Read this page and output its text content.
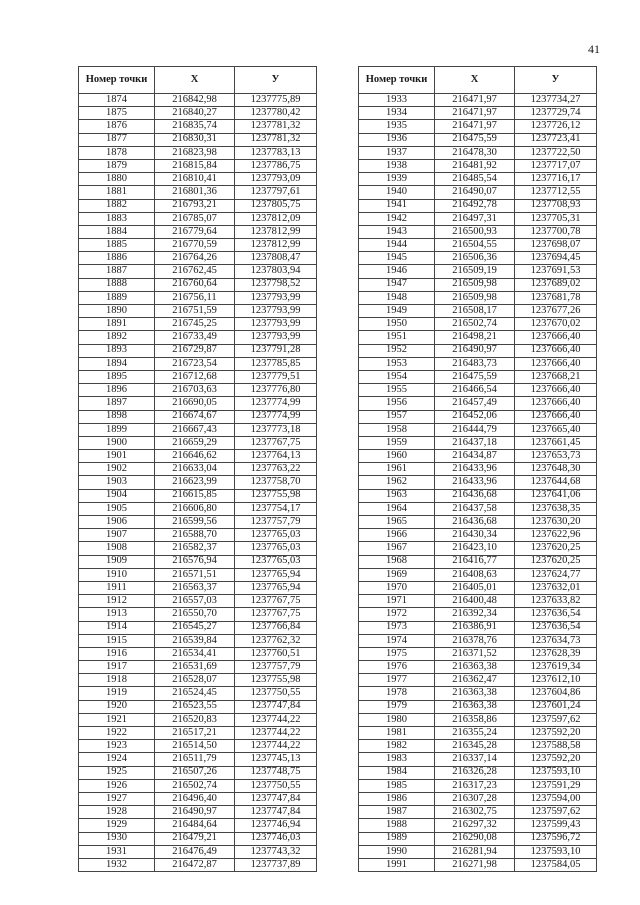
41
Номер точки	X	У
1874	216842,98	1237775,89
1875	216840,27	1237780,42
1876	216835,74	1237781,32
1877	216830,31	1237781,32
1878	216823,98	1237783,13
1879	216815,84	1237786,75
1880	216810,41	1237793,09
1881	216801,36	1237797,61
1882	216793,21	1237805,75
1883	216785,07	1237812,09
1884	216779,64	1237812,99
1885	216770,59	1237812,99
1886	216764,26	1237808,47
1887	216762,45	1237803,94
1888	216760,64	1237798,52
1889	216756,11	1237793,99
1890	216751,59	1237793,99
1891	216745,25	1237793,99
1892	216733,49	1237793,99
1893	216729,87	1237791,28
1894	216723,54	1237785,85
1895	216712,68	1237779,51
1896	216703,63	1237776,80
1897	216690,05	1237774,99
1898	216674,67	1237774,99
1899	216667,43	1237773,18
1900	216659,29	1237767,75
1901	216646,62	1237764,13
1902	216633,04	1237763,22
1903	216623,99	1237758,70
1904	216615,85	1237755,98
1905	216606,80	1237754,17
1906	216599,56	1237757,79
1907	216588,70	1237765,03
1908	216582,37	1237765,03
1909	216576,94	1237765,03
1910	216571,51	1237765,94
1911	216563,37	1237765,94
1912	216557,03	1237767,75
1913	216550,70	1237767,75
1914	216545,27	1237766,84
1915	216539,84	1237762,32
1916	216534,41	1237760,51
1917	216531,69	1237757,79
1918	216528,07	1237755,98
1919	216524,45	1237750,55
1920	216523,55	1237747,84
1921	216520,83	1237744,22
1922	216517,21	1237744,22
1923	216514,50	1237744,22
1924	216511,79	1237745,13
1925	216507,26	1237748,75
1926	216502,74	1237750,55
1927	216496,40	1237747,84
1928	216490,97	1237747,84
1929	216484,64	1237746,94
1930	216479,21	1237746,03
1931	216476,49	1237743,32
1932	216472,87	1237737,89
Номер точки	X	У
1933	216471,97	1237734,27
1934	216471,97	1237729,74
1935	216471,97	1237726,12
1936	216475,59	1237723,41
1937	216478,30	1237722,50
1938	216481,92	1237717,07
1939	216485,54	1237716,17
1940	216490,07	1237712,55
1941	216492,78	1237708,93
1942	216497,31	1237705,31
1943	216500,93	1237700,78
1944	216504,55	1237698,07
1945	216506,36	1237694,45
1946	216509,19	1237691,53
1947	216509,98	1237689,02
1948	216509,98	1237681,78
1949	216508,17	1237677,26
1950	216502,74	1237670,02
1951	216498,21	1237666,40
1952	216490,97	1237666,40
1953	216483,73	1237666,40
1954	216475,59	1237668,21
1955	216466,54	1237666,40
1956	216457,49	1237666,40
1957	216452,06	1237666,40
1958	216444,79	1237665,40
1959	216437,18	1237661,45
1960	216434,87	1237653,73
1961	216433,96	1237648,30
1962	216433,96	1237644,68
1963	216436,68	1237641,06
1964	216437,58	1237638,35
1965	216436,68	1237630,20
1966	216430,34	1237622,96
1967	216423,10	1237620,25
1968	216416,77	1237620,25
1969	216408,63	1237624,77
1970	216405,01	1237632,01
1971	216400,48	1237633,82
1972	216392,34	1237636,54
1973	216386,91	1237636,54
1974	216378,76	1237634,73
1975	216371,52	1237628,39
1976	216363,38	1237619,34
1977	216362,47	1237612,10
1978	216363,38	1237604,86
1979	216363,38	1237601,24
1980	216358,86	1237597,62
1981	216355,24	1237592,20
1982	216345,28	1237588,58
1983	216337,14	1237592,20
1984	216326,28	1237593,10
1985	216317,23	1237591,29
1986	216307,28	1237594,00
1987	216302,75	1237597,62
1988	216297,32	1237599,43
1989	216290,08	1237596,72
1990	216281,94	1237593,10
1991	216271,98	1237584,05
